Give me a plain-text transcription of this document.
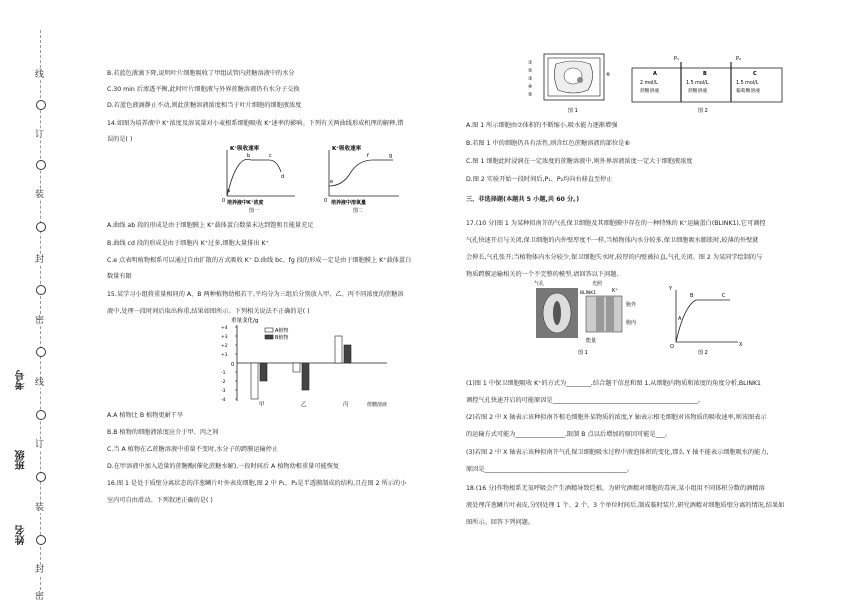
线
订
装
封
密
线
订
装
封
密
考号
班级
姓名
B.若蓝色液滴下降,说明叶片细胞吸收了甲组试管内蔗糖溶液中的水分
C.30 min 后渗透平衡,此时叶片细胞液与外界蔗糖溶液仍有水分子交换
D.若蓝色液滴静止不动,则此蔗糖溶液浓度相当于叶片细胞的细胞液浓度
14.如图为培养液中 K⁺浓度及溶氧量对小麦根系细胞吸收 K⁺速率的影响。下列有关两曲线形成机理的解释,错
误的是( )
K⁺吸收速率
0
a
b	c
d
培养液中K⁺浓度
图一
K⁺吸收速率
0
e
f	g
培养液中溶氧量
图二
A.曲线 ab 段的形成是由于细胞膜上 K⁺载体蛋白数量未达到饱和且能量充足
B.曲线 cd 段的形成是由于细胞内 K⁺过多,细胞大量排出 K⁺
C.e 点表明植物根系可以通过自由扩散的方式吸收 K⁺ D.曲线 bc、fg 段的形成一定是由于细胞膜上 K⁺载体蛋白
数量有限
15.某学习小组将重量相同的 A、B 两种植物幼根若干,平均分为三组后分别放入甲、乙、丙不同浓度的蔗糖溶
液中,处理一段时间后取出称重,结果如图所示。下列相关说法不正确的是( )
重量变化/g
0
+4
+3
+2
+1
-1
-2
-3
-4
A植物
B植物
甲	乙	丙	蔗糖溶液
A.A 植物比 B 植物更耐干旱
B.B 植物的细胞液浓度应介于甲、丙之间
C.当 A 植物在乙蔗糖溶液中重量不变时,水分子的跨膜运输停止
D.在甲溶液中加入适量的蔗糖酶(催化蔗糖水解),一段时间后 A 植物幼根重量可能恢复
16.图 1 是处于质壁分离状态的洋葱鳞片叶外表皮细胞,图 2 中 P₁、P₂是半透膜制成的结构,且在图 2 所示的小
室内可自由滑动。下列叙述正确的是( )
①
②
③
④
⑤
⑥
图 1
P₁	P₂
A	B	C
2 mol/L
蔗糖溶液
1.5 mol/L
蔗糖溶液
1.5 mol/L
葡萄糖溶液
图 2
A.图 1 所示细胞由⑦体积的不断缩小,吸水能力逐渐增强
B.若图 1 中的细胞仍具有活性,则含红色蔗糖溶液的部位是⑥
C.图 1 细胞此时浸润在一定浓度的蔗糖溶液中,则外界溶液浓度一定大于细胞液浓度
D.图 2 实验开始一段时间后,P₁、P₂均向右移直至停止
三、非选择题(本题共 5 小题,共 60 分。)
17.(10 分)图 1 为某种拟南芥的气孔保卫细胞及其细胞膜中存在的一种特殊的 K⁺运输蛋白(BLINK1),它可调控
气孔快速开启与关闭,保卫细胞的内外壁厚度不一样,当植物体内水分较多,保卫细胞吸水膨胀时,较薄的外壁就
会伸长,气孔张开;当植物体内水分较少,保卫细胞失水时,较厚的内壁被拉直,气孔关闭。图 2 为某同学绘制的与
物质跨膜运输相关的一个不完整的模型,请回答以下问题。
气孔	光照
K⁺
BLINK1
胞外
胞内
能量
图 1
Y
X
O
A
B	C
图 2
(1)图 1 中保卫细胞吸收 K⁺的方式为________,结合题干信息和图 1,从细胞内物质和浓度的角度分析,BLINK1
调控气孔快速开启的可能原因是_______________________________________________。
(2)若图 2 中 X 轴表示该种拟南芥根毛细胞外某物质的浓度,Y 轴表示根毛细胞对该物质的吸收速率,则该图表示
的运输方式可能为________________,限制 B 点以后增加的原因可能是___。
(3)若图 2 中 X 轴表示该种拟南芥气孔保卫细胞吸水过程中液泡体积的变化,那么 Y 轴不能表示细胞吸水的能力,
原因是______________________________________________。
18.(16 分)作物根系无氧呼吸会产生酒精导致烂根。为研究酒精对细胞的毒害,某小组用不同体积分数的酒精溶
液处理洋葱鳞片叶表皮,分别处理 1 个、2 个、3 个单位时间后,制成临时装片,研究酒精对细胞质壁分离的情况,结果如
图所示。回答下列问题。
